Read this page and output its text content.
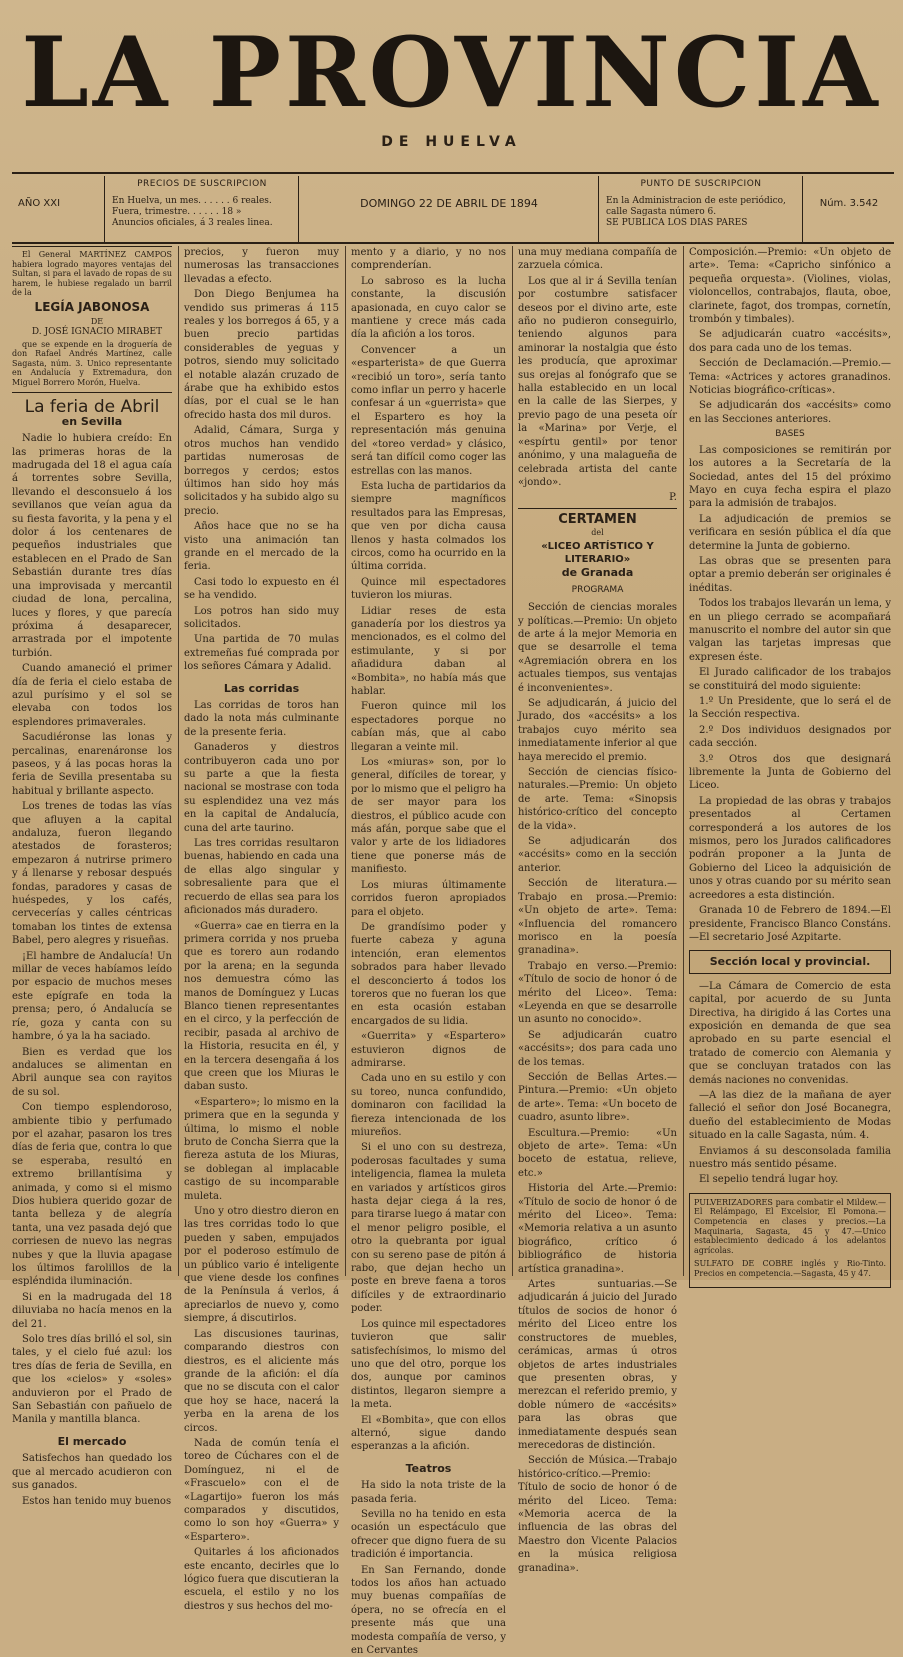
LA PROVINCIA
DE HUELVA
AÑO XXI
PRECIOS DE SUSCRIPCION
En Huelva, un mes. . . . . . 6 reales.
Fuera, trimestre. . . . . . 18 »
Anuncios oficiales, á 3 reales linea.
DOMINGO 22 DE ABRIL DE 1894
PUNTO DE SUSCRIPCION
En la Administracion de este periódico,
calle Sagasta número 6.
SE PUBLICA LOS DIAS PARES
Núm. 3.542

El General MARTÍNEZ CAMPOS habiera logrado mayores ventajas del Sultan, si para el lavado de ropas de su harem, le hubiese regalado un barril de la

LEGÍA JABONOSA

DE

D. JOSÉ IGNACIO MIRABET

que se expende en la droguería de don Rafael Andrés Martínez, calle Sagasta, núm. 3. Unico representante en Andalucía y Extremadura, don Miguel Borrero Morón, Huelva.

La feria de Abril
en Sevilla

Nadie lo hubiera creído: En las primeras horas de la madrugada del 18 el agua caía á torrentes sobre Sevilla, llevando el desconsuelo á los sevillanos que veían agua da su fiesta favorita, y la pena y el dolor á los centenares de pequeños industriales que establecen en el Prado de San Sebastián durante tres días una improvisada y mercantil ciudad de lona, percalina, luces y flores, y que parecía próxima á desaparecer, arrastrada por el impotente turbión.

Cuando amaneció el primer día de feria el cielo estaba de azul purísimo y el sol se elevaba con todos los esplendores primaverales.

Sacudiéronse las lonas y percalinas, enarenáronse los paseos, y á las pocas horas la feria de Sevilla presentaba su habitual y brillante aspecto.

Los trenes de todas las vías que afluyen a la capital andaluza, fueron llegando atestados de forasteros; empezaron á nutrirse primero y á llenarse y rebosar después fondas, paradores y casas de huéspedes, y los cafés, cervecerías y calles céntricas tomaban los tintes de extensa Babel, pero alegres y risueñas.

¡El hambre de Andalucía! Un millar de veces habíamos leído por espacio de muchos meses este epígrafe en toda la prensa; pero, ó Andalucía se ríe, goza y canta con su hambre, ó ya la ha saciado.

Bien es verdad que los andaluces se alimentan en Abril aunque sea con rayitos de su sol.

Con tiempo esplendoroso, ambiente tibio y perfumado por el azahar, pasaron los tres días de feria que, contra lo que se esperaba, resultó en extremo brillantísima y animada, y como si el mismo Dios hubiera querido gozar de tanta belleza y de alegría tanta, una vez pasada dejó que corriesen de nuevo las negras nubes y que la lluvia apagase los últimos farolillos de la espléndida iluminación.

Si en la madrugada del 18 diluviaba no hacía menos en la del 21.

Solo tres días brilló el sol, sin tales, y el cielo fué azul: los tres días de feria de Sevilla, en que los «cielos» y «soles» anduvieron por el Prado de San Sebastián con pañuelo de Manila y mantilla blanca.

El mercado

Satisfechos han quedado los que al mercado acudieron con sus ganados.

Estos han tenido muy buenos

precios, y fueron muy numerosas las transacciones llevadas a efecto.

Don Diego Benjumea ha vendido sus primeras á 115 reales y los borregos á 65, y a buen precio partidas considerables de yeguas y potros, siendo muy solicitado el notable alazán cruzado de árabe que ha exhibido estos días, por el cual se le han ofrecido hasta dos mil duros.

Adalid, Cámara, Surga y otros muchos han vendido partidas numerosas de borregos y cerdos; estos últimos han sido hoy más solicitados y ha subido algo su precio.

Años hace que no se ha visto una animación tan grande en el mercado de la feria.

Casi todo lo expuesto en él se ha vendido.

Los potros han sido muy solicitados.

Una partida de 70 mulas extremeñas fué comprada por los señores Cámara y Adalid.

Las corridas

Las corridas de toros han dado la nota más culminante de la presente feria.

Ganaderos y diestros contribuyeron cada uno por su parte a que la fiesta nacional se mostrase con toda su esplendidez una vez más en la capital de Andalucía, cuna del arte taurino.

Las tres corridas resultaron buenas, habiendo en cada una de ellas algo singular y sobresaliente para que el recuerdo de ellas sea para los aficionados más duradero.

«Guerra» cae en tierra en la primera corrida y nos prueba que es torero aun rodando por la arena; en la segunda nos demuestra cómo las manos de Domínguez y Lucas Blanco tienen representantes en el circo, y la perfección de recibir, pasada al archivo de la Historia, resucita en él, y en la tercera desengaña á los que creen que los Miuras le daban susto.

«Espartero»; lo mismo en la primera que en la segunda y última, lo mismo el noble bruto de Concha Sierra que la fiereza astuta de los Miuras, se doblegan al implacable castigo de su incomparable muleta.

Uno y otro diestro dieron en las tres corridas todo lo que pueden y saben, empujados por el poderoso estímulo de un público vario é inteligente que viene desde los confines de la Península á verlos, á apreciarlos de nuevo y, como siempre, á discutirlos.

Las discusiones taurinas, comparando diestros con diestros, es el aliciente más grande de la afición: el día que no se discuta con el calor que hoy se hace, nacerá la yerba en la arena de los circos.

Nada de común tenía el toreo de Cúchares con el de Domínguez, ni el de «Frascuelo» con el de «Lagartijo» fueron los más comparados y discutidos, como lo son hoy «Guerra» y «Espartero».

Quitarles á los aficionados este encanto, decirles que lo lógico fuera que discutieran la escuela, el estilo y no los diestros y sus hechos del mo-

mento y a diario, y no nos comprenderían.

Lo sabroso es la lucha constante, la discusión apasionada, en cuyo calor se mantiene y crece más cada día la afición a los toros.

Convencer a un «esparterista» de que Guerra «recibió un toro», sería tanto como inflar un perro y hacerle confesar á un «guerrista» que el Espartero es hoy la representación más genuina del «toreo verdad» y clásico, será tan difícil como coger las estrellas con las manos.

Esta lucha de partidarios da siempre magníficos resultados para las Empresas, que ven por dicha causa llenos y hasta colmados los circos, como ha ocurrido en la última corrida.

Quince mil espectadores tuvieron los miuras.

Lidiar reses de esta ganadería por los diestros ya mencionados, es el colmo del estimulante, y si por añadidura daban al «Bombita», no había más que hablar.

Fueron quince mil los espectadores porque no cabían más, que al cabo llegaran a veinte mil.

Los «miuras» son, por lo general, difíciles de torear, y por lo mismo que el peligro ha de ser mayor para los diestros, el público acude con más afán, porque sabe que el valor y arte de los lidiadores tiene que ponerse más de manifiesto.

Los miuras últimamente corridos fueron apropiados para el objeto.

De grandísimo poder y fuerte cabeza y aguna intención, eran elementos sobrados para haber llevado el desconcierto á todos los toreros que no fueran los que en esta ocasión estaban encargados de su lidia.

«Guerrita» y «Espartero» estuvieron dignos de admirarse.

Cada uno en su estilo y con su toreo, nunca confundido, dominaron con facilidad la fiereza intencionada de los miureños.

Si el uno con su destreza, poderosas facultades y suma inteligencia, flamea la muleta en variados y artísticos giros hasta dejar ciega á la res, para tirarse luego á matar con el menor peligro posible, el otro la quebranta por igual con su sereno pase de pitón á rabo, que dejan hecho un poste en breve faena a toros difíciles y de extraordinario poder.

Los quince mil espectadores tuvieron que salir satisfechísimos, lo mismo del uno que del otro, porque los dos, aunque por caminos distintos, llegaron siempre a la meta.

El «Bombita», que con ellos alternó, sigue dando esperanzas a la afición.

Teatros

Ha sido la nota triste de la pasada feria.

Sevilla no ha tenido en esta ocasión un espectáculo que ofrecer que digno fuera de su tradición é importancia.

En San Fernando, donde todos los años han actuado muy buenas compañías de ópera, no se ofrecía en el presente más que una modesta compañía de verso, y en Cervantes

una muy mediana compañía de zarzuela cómica.

Los que al ir á Sevilla tenían por costumbre satisfacer deseos por el divino arte, este año no pudieron conseguirlo, teniendo algunos para aminorar la nostalgia que ésto les producía, que aproximar sus orejas al fonógrafo que se halla establecido en un local en la calle de las Sierpes, y previo pago de una peseta oír la «Marina» por Verje, el «espírtu gentil» por tenor anónimo, y una malagueña de celebrada artista del cante «jondo».

P.

CERTAMEN

del

«LICEO ARTÍSTICO Y LITERARIO»
de Granada

PROGRAMA

Sección de ciencias morales y políticas.—Premio: Un objeto de arte á la mejor Memoria en que se desarrolle el tema «Agremiación obrera en los actuales tiempos, sus ventajas é inconvenientes».

Se adjudicarán, á juicio del Jurado, dos «accésits» a los trabajos cuyo mérito sea inmediatamente inferior al que haya merecido el premio.

Sección de ciencias físico-naturales.—Premio: Un objeto de arte. Tema: «Sinopsis histórico-crítico del concepto de la vida».

Se adjudicarán dos «accésits» como en la sección anterior.

Sección de literatura.—Trabajo en prosa.—Premio: «Un objeto de arte». Tema: «Influencia del romancero morisco en la poesía granadina».

Trabajo en verso.—Premio: «Título de socio de honor ó de mérito del Liceo». Tema: «Leyenda en que se desarrolle un asunto no conocido».

Se adjudicarán cuatro «accésits»; dos para cada uno de los temas.

Sección de Bellas Artes.—Pintura.—Premio: «Un objeto de arte». Tema: «Un boceto de cuadro, asunto libre».

Escultura.—Premio: «Un objeto de arte». Tema: «Un boceto de estatua, relieve, etc.»

Historia del Arte.—Premio: «Título de socio de honor ó de mérito del Liceo». Tema: «Memoria relativa a un asunto biográfico, crítico ó bibliográfico de historia artística granadina».

Artes suntuarias.—Se adjudicarán á juicio del Jurado títulos de socios de honor ó mérito del Liceo entre los constructores de muebles, cerámicas, armas ú otros objetos de artes industriales que presenten obras, y merezcan el referido premio, y doble número de «accésits» para las obras que inmediatamente después sean merecedoras de distinción.

Sección de Música.—Trabajo histórico-crítico.—Premio: Título de socio de honor ó de mérito del Liceo. Tema: «Memoria acerca de la influencia de las obras del Maestro don Vicente Palacios en la música religiosa granadina».

Composición.—Premio: «Un objeto de arte». Tema: «Capricho sinfónico a pequeña orquesta». (Violines, violas, violoncellos, contrabajos, flauta, oboe, clarinete, fagot, dos trompas, cornetín, trombón y timbales).

Se adjudicarán cuatro «accésits», dos para cada uno de los temas.

Sección de Declamación.—Premio.—Tema: «Actrices y actores granadinos. Noticias biográfico-críticas».

Se adjudicarán dos «accésits» como en las Secciones anteriores.

BASES

Las composiciones se remitirán por los autores a la Secretaría de la Sociedad, antes del 15 del próximo Mayo en cuya fecha espira el plazo para la admisión de trabajos.

La adjudicación de premios se verificara en sesión pública el día que determine la Junta de gobierno.

Las obras que se presenten para optar a premio deberán ser originales é inéditas.

Todos los trabajos llevarán un lema, y en un pliego cerrado se acompañará manuscrito el nombre del autor sin que valgan las tarjetas impresas que expresen éste.

El Jurado calificador de los trabajos se constituirá del modo siguiente:

1.º Un Presidente, que lo será el de la Sección respectiva.

2.º Dos individuos designados por cada sección.

3.º Otros dos que designará libremente la Junta de Gobierno del Liceo.

La propiedad de las obras y trabajos presentados al Certamen corresponderá a los autores de los mismos, pero los Jurados calificadores podrán proponer a la Junta de Gobierno del Liceo la adquisición de unos y otras cuando por su mérito sean acreedores a esta distinción.

Granada 10 de Febrero de 1894.—El presidente, Francisco Blanco Constáns.—El secretario José Azpitarte.

Sección local y provincial.

—La Cámara de Comercio de esta capital, por acuerdo de su Junta Directiva, ha dirigido á las Cortes una exposición en demanda de que sea aprobado en su parte esencial el tratado de comercio con Alemania y que se concluyan tratados con las demás naciones no convenidas.

—A las diez de la mañana de ayer falleció el señor don José Bocanegra, dueño del establecimiento de Modas situado en la calle Sagasta, núm. 4.

Enviamos á su desconsolada familia nuestro más sentido pésame.

El sepelio tendrá lugar hoy.

PULVERIZADORES para combatir el Mildew.—El Relámpago, El Excelsior, El Pomona.—Competencia en clases y precios.—La Maquinaria, Sagasta, 45 y 47.—Unico establecimiento dedicado á los adelantos agrícolas.

SULFATO DE COBRE inglés y Rio-Tinto. Precios en competencia.—Sagasta, 45 y 47.
